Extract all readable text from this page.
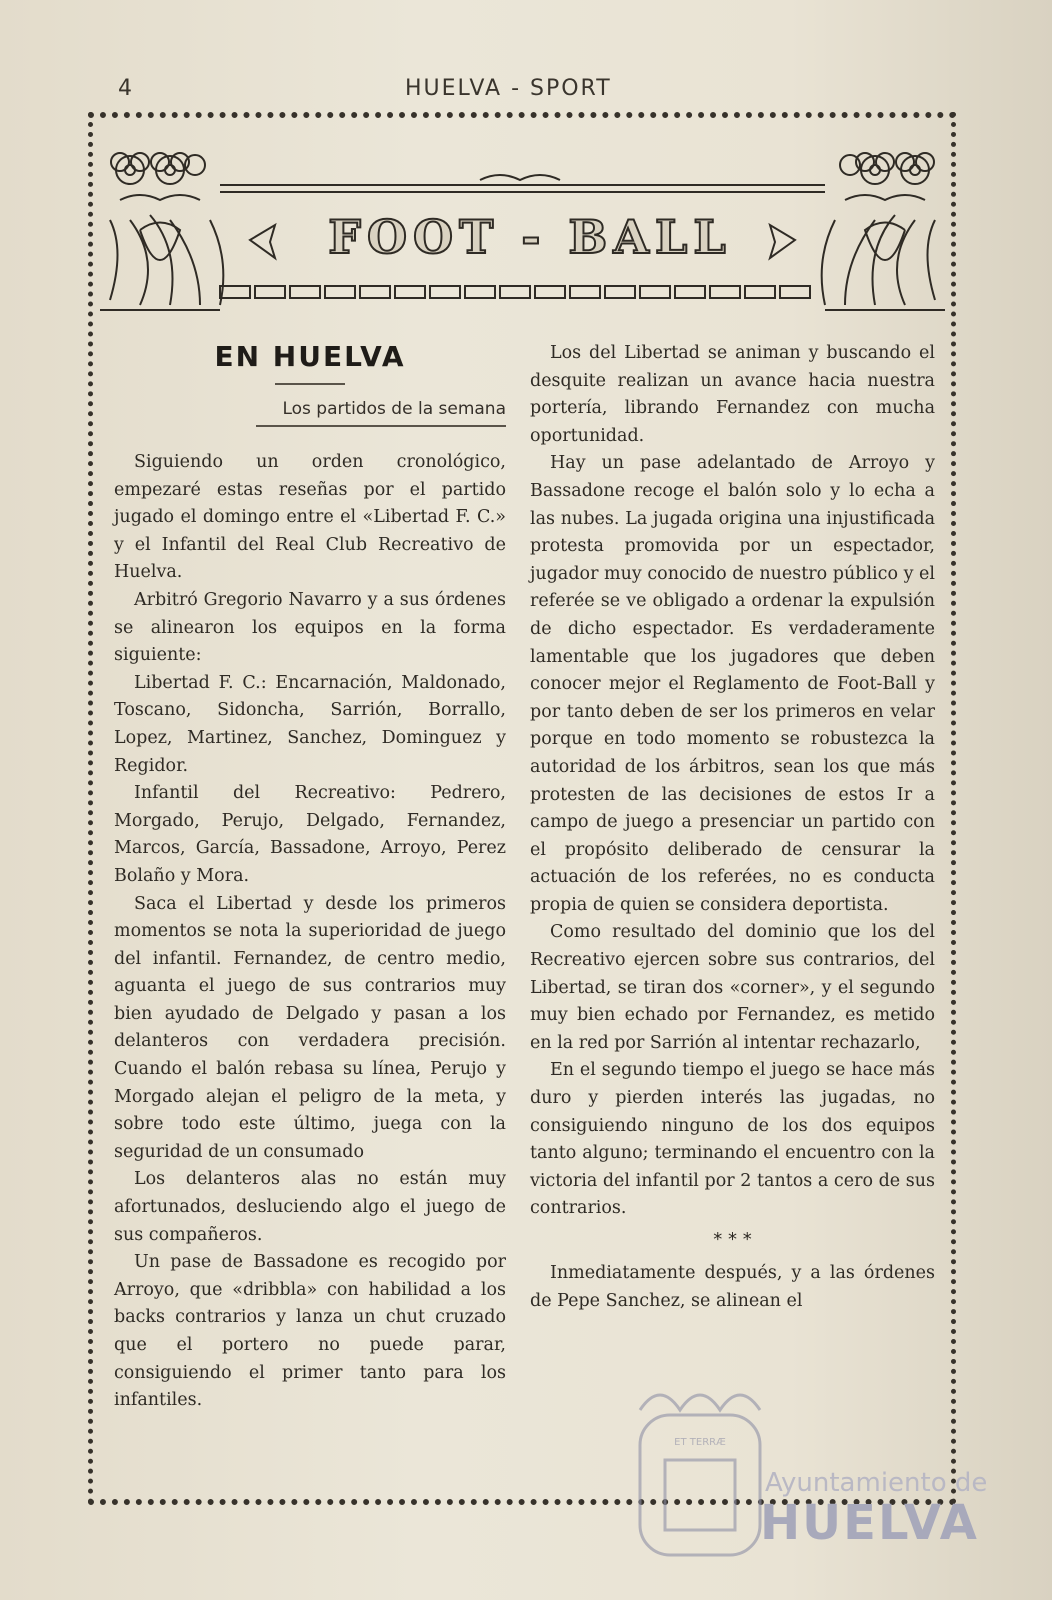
4	HUELVA - SPORT
FOOT - BALL
EN HUELVA
Los partidos de la semana

Siguiendo un orden cronológico, empezaré estas reseñas por el partido jugado el domingo entre el «Libertad F. C.» y el Infantil del Real Club Recreativo de Huelva.

Arbitró Gregorio Navarro y a sus órdenes se alinearon los equipos en la forma siguiente:

Libertad F. C.: Encarnación, Maldonado, Toscano, Sidoncha, Sarrión, Borrallo, Lopez, Martinez, Sanchez, Dominguez y Regidor.

Infantil del Recreativo: Pedrero, Morgado, Perujo, Delgado, Fernandez, Marcos, García, Bassadone, Arroyo, Perez Bolaño y Mora.

Saca el Libertad y desde los primeros momentos se nota la superioridad de juego del infantil. Fernandez, de centro medio, aguanta el juego de sus contrarios muy bien ayudado de Delgado y pasan a los delanteros con verdadera precisión. Cuando el balón rebasa su línea, Perujo y Morgado alejan el peligro de la meta, y sobre todo este último, juega con la seguridad de un consumado

Los delanteros alas no están muy afortunados, desluciendo algo el juego de sus compañeros.

Un pase de Bassadone es recogido por Arroyo, que «dribbla» con habilidad a los backs contrarios y lanza un chut cruzado que el portero no puede parar, consiguiendo el primer tanto para los infantiles.

Los del Libertad se animan y buscando el desquite realizan un avance hacia nuestra portería, librando Fernandez con mucha oportunidad.

Hay un pase adelantado de Arroyo y Bassadone recoge el balón solo y lo echa a las nubes. La jugada origina una injustificada protesta promovida por un espectador, jugador muy conocido de nuestro público y el referée se ve obligado a ordenar la expulsión de dicho espectador. Es verdaderamente lamentable que los jugadores que deben conocer mejor el Reglamento de Foot-Ball y por tanto deben de ser los primeros en velar porque en todo momento se robustezca la autoridad de los árbitros, sean los que más protesten de las decisiones de estos Ir a campo de juego a presenciar un partido con el propósito deliberado de censurar la actuación de los referées, no es conducta propia de quien se considera deportista.

Como resultado del dominio que los del Recreativo ejercen sobre sus contrarios, del Libertad, se tiran dos «corner», y el segundo muy bien echado por Fernandez, es metido en la red por Sarrión al intentar rechazarlo,

En el segundo tiempo el juego se hace más duro y pierden interés las jugadas, no consiguiendo ninguno de los dos equipos tanto alguno; terminando el encuentro con la victoria del infantil por 2 tantos a cero de sus contrarios.

* * *

Inmediatamente después, y a las órdenes de Pepe Sanchez, se alinean el

ET TERRÆ
Ayuntamiento de
HUELVA
